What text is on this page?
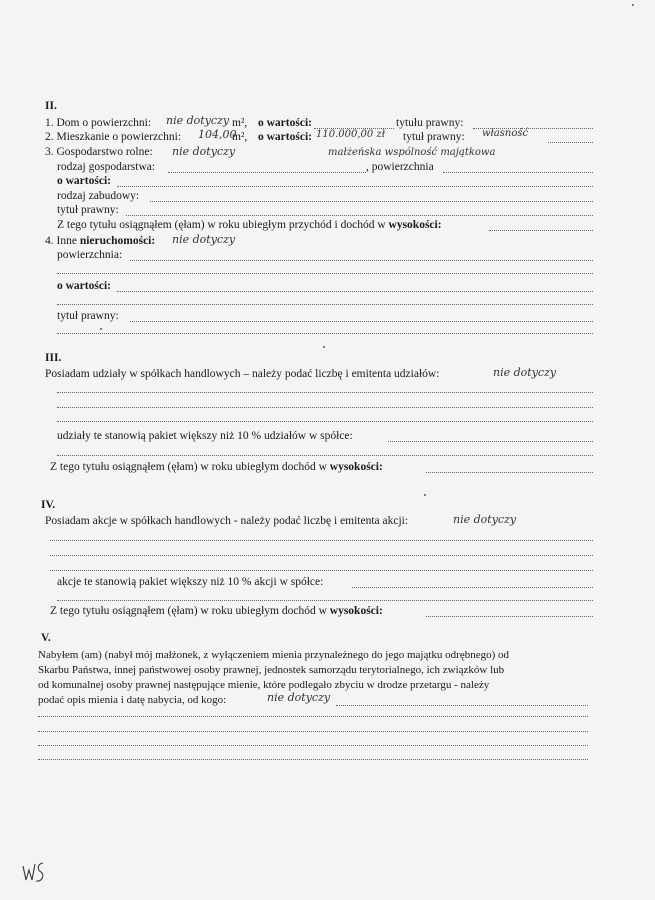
II.
1. Dom o powierzchni: nie dotyczy m², o wartości:	tytułu prawny:
2. Mieszkanie o powierzchni: 104,00
m², o wartości: 110.000,00 zł tytuł prawny: własność
3. Gospodarstwo rolne: nie dotyczy	małżeńska wspólność majątkowa
rodzaj gospodarstwa:	, powierzchnia
o wartości:
rodzaj zabudowy:
tytuł prawny:
Z tego tytułu osiągnąłem (ęłam) w roku ubiegłym przychód i dochód w wysokości:
4. Inne nieruchomości: nie dotyczy
powierzchnia:
o wartości:
tytuł prawny:
III.
Posiadam udziały w spółkach handlowych – należy podać liczbę i emitenta udziałów:	nie dotyczy
udziały te stanowią pakiet większy niż 10 % udziałów w spółce:
Z tego tytułu osiągnąłem (ęłam) w roku ubiegłym dochód w wysokości:
IV.
Posiadam akcje w spółkach handlowych - należy podać liczbę i emitenta akcji:	nie dotyczy
akcje te stanowią pakiet większy niż 10 % akcji w spółce:
Z tego tytułu osiągnąłem (ęłam) w roku ubiegłym dochód w wysokości:
V.
Nabyłem (am) (nabył mój małżonek, z wyłączeniem mienia przynależnego do jego majątku odrębnego) od
Skarbu Państwa, innej państwowej osoby prawnej, jednostek samorządu terytorialnego, ich związków lub
od komunalnej osoby prawnej następujące mienie, które podlegało zbyciu w drodze przetargu - należy
podać opis mienia i datę nabycia, od kogo:	nie dotyczy
